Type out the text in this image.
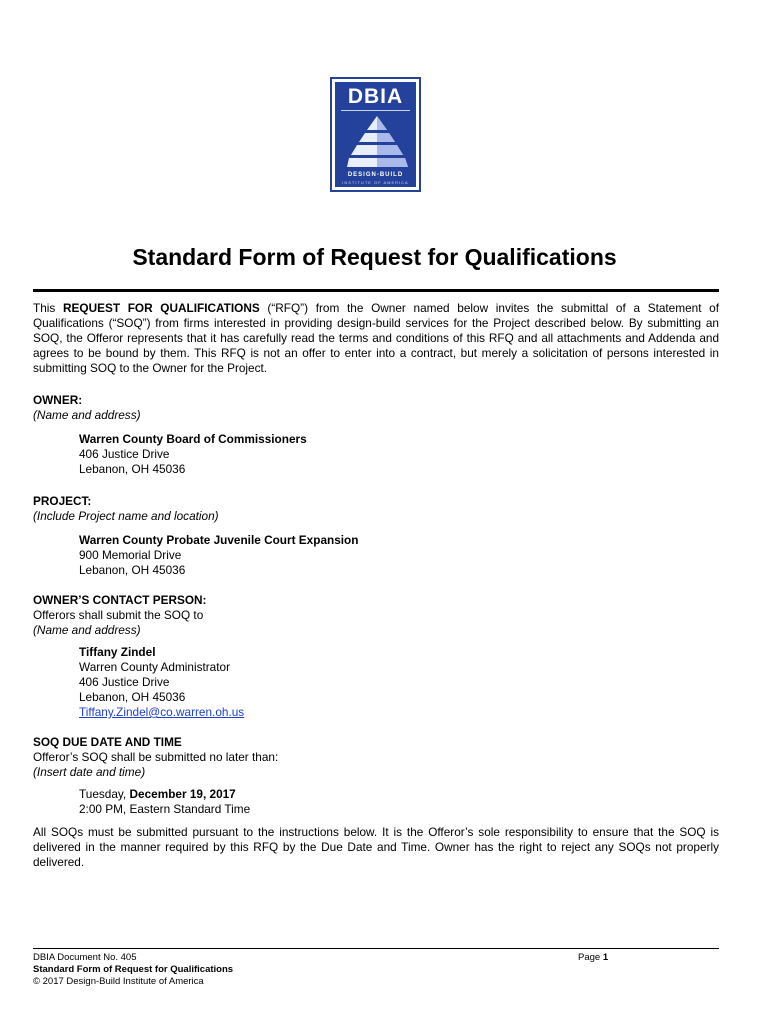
DBIA
DESIGN-BUILD
INSTITUTE OF AMERICA
Standard Form of Request for Qualifications

This REQUEST FOR QUALIFICATIONS (“RFQ”) from the Owner named below invites the submittal of a Statement of Qualifications (“SOQ”) from firms interested in providing design-build services for the Project described below. By submitting an SOQ, the Offeror represents that it has carefully read the terms and conditions of this RFQ and all attachments and Addenda and agrees to be bound by them. This RFQ is not an offer to enter into a contract, but merely a solicitation of persons interested in submitting SOQ to the Owner for the Project.

OWNER:

(Name and address)

Warren County Board of Commissioners
406 Justice Drive
Lebanon, OH 45036

PROJECT:

(Include Project name and location)

Warren County Probate Juvenile Court Expansion
900 Memorial Drive
Lebanon, OH 45036

OWNER’S CONTACT PERSON:

Offerors shall submit the SOQ to

(Name and address)

Tiffany Zindel
Warren County Administrator
406 Justice Drive
Lebanon, OH 45036
Tiffany.Zindel@co.warren.oh.us

SOQ DUE DATE AND TIME

Offeror’s SOQ shall be submitted no later than:

(Insert date and time)

Tuesday, December 19, 2017
2:00 PM, Eastern Standard Time

All SOQs must be submitted pursuant to the instructions below. It is the Offeror’s sole responsibility to ensure that the SOQ is delivered in the manner required by this RFQ by the Due Date and Time. Owner has the right to reject any SOQs not properly delivered.

DBIA Document No. 405
Standard Form of Request for Qualifications
© 2017 Design-Build Institute of America
Page 1
